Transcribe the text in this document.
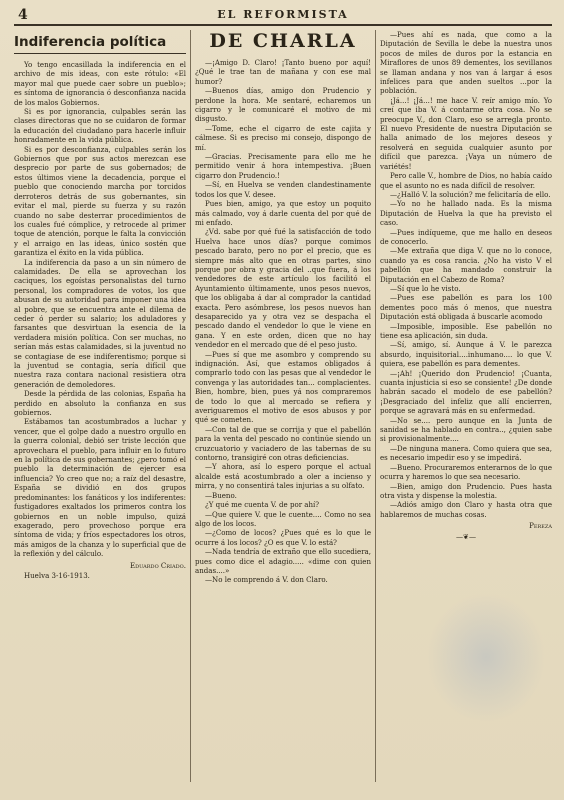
4	EL REFORMISTA
Indiferencia política

Yo tengo encasillada la indiferencia en el archivo de mis ideas, con este rótulo: «El mayor mal que puede caer sobre un pueblo»; es síntoma de ignorancia ó desconfianza nacida de los malos Gobiernos.

Si es por ignorancia, culpables serán las clases directoras que no se cuidaron de formar la educación del ciudadano para hacerle influir honradamente en la vida pública.

Si es por desconfianza, culpables serán los Gobiernos que por sus actos merezcan ese desprecio por parte de sus gobernados; de estos últimos viene la decadencia, porque el pueblo que conociendo marcha por torcidos derroteros detrás de sus gobernantes, sin evitar el mal, pierde su fuerza y su razón cuando no sabe desterrar procedimientos de los cuales fué cómplice, y retrocede al primer toque de atención, porque le falta la convicción y el arraigo en las ideas, único sostén que garantiza el éxito en la vida pública.

La indiferencia da paso a un sin número de calamidades. De ella se aprovechan los caciques, los egoístas personalistas del turno personal, los compradores de votos, los que abusan de su autoridad para imponer una idea al pobre, que se encuentra ante el dilema de ceder ó perder su salario; los aduladores y farsantes que desvirtuan la esencia de la verdadera misión política. Con ser muchas, no serían más estas calamidades, si la juventud no se contagiase de ese indiferentismo; porque si la juventud se contagia, sería difícil que nuestra raza contara nacional resistiera otra generación de demoledores.

Desde la pérdida de las colonias, España ha perdido en absoluto la confianza en sus gobiernos.

Estábamos tan acostumbrados a luchar y vencer, que el golpe dado a nuestro orgullo en la guerra colonial, debió ser triste lección que aprovechara el pueblo, para influir en lo futuro en la política de sus gobernantes; ¿pero tomó el pueblo la determinación de ejercer esa influencia? Yo creo que no; a raíz del desastre, España se dividió en dos grupos predominantes: los fanáticos y los indiferentes: fustigadores exaltados los primeros contra los gobiernos en un noble impulso, quizá exagerado, pero provechoso porque era síntoma de vida; y fríos espectadores los otros, más amigos de la chanza y lo superficial que de la reflexión y del cálculo.

Eduardo Criado.
Huelva 3-16-1913.
DE CHARLA

—¡Amigo D. Claro! ¡Tanto bueno por aquí! ¿Qué le trae tan de mañana y con ese mal humor?

—Buenos días, amigo don Prudencio y perdone la hora. Me sentaré, echaremos un cigarro y le comunicaré el motivo de mi disgusto.

—Tome, eche el cigarro de este cajita y cálmese. Si es preciso mi consejo, dispongo de mí.

—Gracias. Precisamente para ello me he permitido venir á hora intempestiva. ¡Buen cigarro don Prudencio.!

—Sí, en Huelva se venden clandestinamente todos los que V. desee.

Pues bien, amigo, ya que estoy un poquito más calmado, voy á darle cuenta del por qué de mi enfado.

¿Vd. sabe por qué fué la satisfacción de todo Huelva hace unos días? porque comimos pescado barato, pero no por el precio, que es siempre más alto que en otras partes, sino porque por obra y gracia del ..que fuera, á los vendedores de este artículo los facilitó el Ayuntamiento últimamente, unos pesos nuevos, que los obligaba á dar al comprador la cantidad exacta. Pero asómbrese, los pesos nuevos han desaparecido ya y otra vez se despacha el pescado dando el vendedor lo que le viene en gana. Y en este orden, dicen que no hay vendedor en el mercado que dé el peso justo.

—Pues sí que me asombro y comprendo su indignación. Así, que estamos obligados á comprarlo todo con las pesas que al vendedor le convenga y las autoridades tan... complacientes. Bien, hombre, bien, pues yá nos compraremos de todo lo que al mercado se refiera y averiguaremos el motivo de esos abusos y por qué se cometen.

—Con tal de que se corrija y que el pabellón para la venta del pescado no continúe siendo un cruzcuatorio y vaciadero de las tabernas de su contorno, transigiré con otras deficiencias.

—Y ahora, así lo espero porque el actual alcalde está acostumbrado a oler a incienso y mirra, y no consentirá tales injurias a su olfato.

—Bueno.

¿Y qué me cuenta V. de por ahí?

—Que quiere V. que le cuente.... Como no sea algo de los locos.

—¿Como de locos? ¿Pues qué es lo que le ocurre á los locos? ¿O es que V. lo está?

—Nada tendría de extraño que ello sucediera, pues como dice el adagio..... «dime con quien andas....»

—No le comprendo á V. don Claro.

—Pues ahí es nada, que como a la Diputación de Sevilla le debe la nuestra unos pocos de miles de duros por la estancia en Miraflores de unos 89 dementes, los sevillanos se llaman andana y nos van á largar á esos infelices para que anden sueltos ...por la población.

¡Já...! ¡Já...! me hace V. reír amigo mío. Yo creí que iba V. á contarme otra cosa. No se preocupe V., don Claro, eso se arregla pronto. El nuevo Presidente de nuestra Diputación se halla animado de los mejores deseos y resolverá en seguida cualquier asunto por difícil que parezca. ¡Vaya un número de variétés!

Pero calle V., hombre de Dios, no había caído que el asunto no es nada difícil de resolver.

—¿Halló V. la solución? me felicitaría de ello.

—Yo no he hallado nada. Es la misma Diputación de Huelva la que ha previsto el caso.

—Pues indíqueme, que me hallo en deseos de conocerlo.

—Me extraña que diga V. que no lo conoce, cuando ya es cosa rancia. ¿No ha visto V el pabellón que ha mandado construir la Diputación en el Cabezo de Roma?

—Sí que lo he visto.

—Pues ese pabellón es para los 100 dementes poco más ó menos, que nuestra Diputación está obligada á buscarle acomodo

—Imposible, imposible. Ese pabellón no tiene esa aplicación, sin duda.

—Sí, amigo, sí. Aunque á V. le parezca absurdo, inquisitorial....inhumano.... lo que V. quiera, ese pabellón es para dementes.

—¡Ah! ¡Querido don Prudencio! ¡Cuanta, cuanta injusticia si eso se consiente! ¿De donde habrán sacado el modelo de ese pabellón? ¡Desgraciado del infeliz que allí encierren, porque se agravará más en su enfermedad.

—No se.... pero aunque en la Junta de sanidad se ha hablado en contra.., ¿quien sabe si provisionalmente....

—De ninguna manera. Como quiera que sea, es necesario impedir eso y se impedirá.

—Bueno. Procuraremos enterarnos de lo que ocurra y haremos lo que sea necesario.

—Bien, amigo don Prudencio. Pues hasta otra vista y dispense la molestia.

—Adiós amigo don Claro y hasta otra que hablaremos de muchas cosas.

Pereza
—❦—
